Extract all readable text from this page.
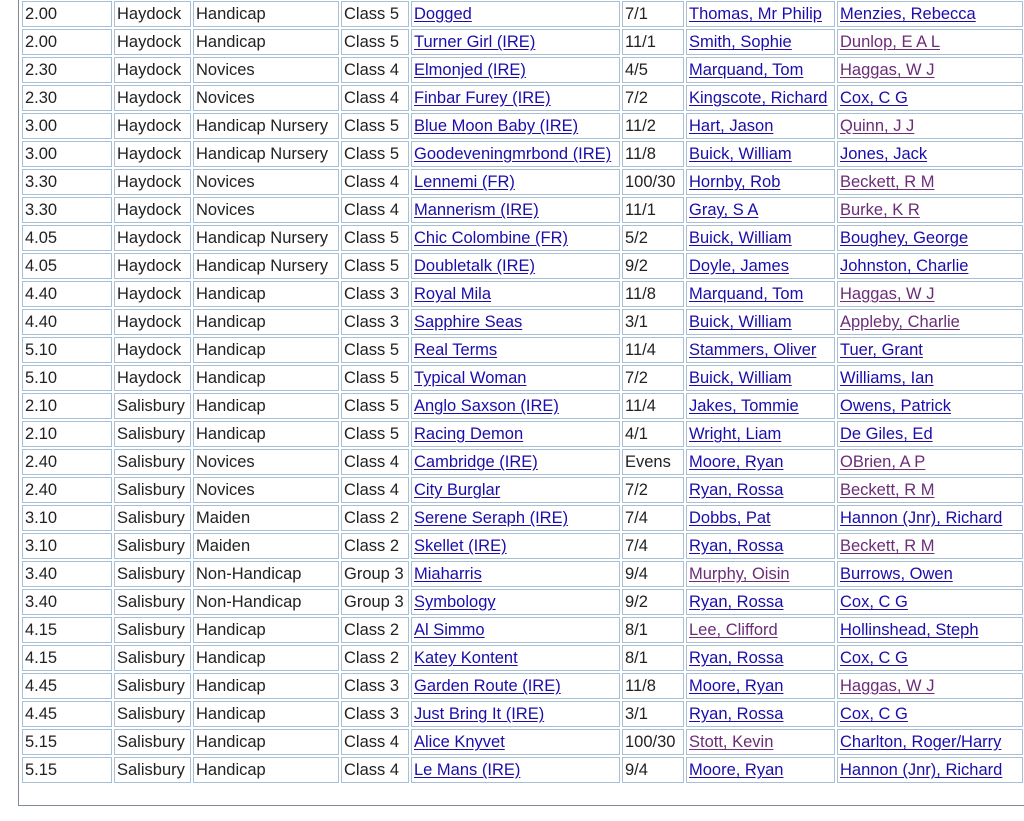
2.00	Haydock	Handicap	Class 5	Dogged	7/1	Thomas, Mr Philip	Menzies, Rebecca
2.00	Haydock	Handicap	Class 5	Turner Girl (IRE)	11/1	Smith, Sophie	Dunlop, E A L
2.30	Haydock	Novices	Class 4	Elmonjed (IRE)	4/5	Marquand, Tom	Haggas, W J
2.30	Haydock	Novices	Class 4	Finbar Furey (IRE)	7/2	Kingscote, Richard	Cox, C G
3.00	Haydock	Handicap Nursery	Class 5	Blue Moon Baby (IRE)	11/2	Hart, Jason	Quinn, J J
3.00	Haydock	Handicap Nursery	Class 5	Goodeveningmrbond (IRE)	11/8	Buick, William	Jones, Jack
3.30	Haydock	Novices	Class 4	Lennemi (FR)	100/30	Hornby, Rob	Beckett, R M
3.30	Haydock	Novices	Class 4	Mannerism (IRE)	11/1	Gray, S A	Burke, K R
4.05	Haydock	Handicap Nursery	Class 5	Chic Colombine (FR)	5/2	Buick, William	Boughey, George
4.05	Haydock	Handicap Nursery	Class 5	Doubletalk (IRE)	9/2	Doyle, James	Johnston, Charlie
4.40	Haydock	Handicap	Class 3	Royal Mila	11/8	Marquand, Tom	Haggas, W J
4.40	Haydock	Handicap	Class 3	Sapphire Seas	3/1	Buick, William	Appleby, Charlie
5.10	Haydock	Handicap	Class 5	Real Terms	11/4	Stammers, Oliver	Tuer, Grant
5.10	Haydock	Handicap	Class 5	Typical Woman	7/2	Buick, William	Williams, Ian
2.10	Salisbury	Handicap	Class 5	Anglo Saxson (IRE)	11/4	Jakes, Tommie	Owens, Patrick
2.10	Salisbury	Handicap	Class 5	Racing Demon	4/1	Wright, Liam	De Giles, Ed
2.40	Salisbury	Novices	Class 4	Cambridge (IRE)	Evens	Moore, Ryan	OBrien, A P
2.40	Salisbury	Novices	Class 4	City Burglar	7/2	Ryan, Rossa	Beckett, R M
3.10	Salisbury	Maiden	Class 2	Serene Seraph (IRE)	7/4	Dobbs, Pat	Hannon (Jnr), Richard
3.10	Salisbury	Maiden	Class 2	Skellet (IRE)	7/4	Ryan, Rossa	Beckett, R M
3.40	Salisbury	Non-Handicap	Group 3	Miaharris	9/4	Murphy, Oisin	Burrows, Owen
3.40	Salisbury	Non-Handicap	Group 3	Symbology	9/2	Ryan, Rossa	Cox, C G
4.15	Salisbury	Handicap	Class 2	Al Simmo	8/1	Lee, Clifford	Hollinshead, Steph
4.15	Salisbury	Handicap	Class 2	Katey Kontent	8/1	Ryan, Rossa	Cox, C G
4.45	Salisbury	Handicap	Class 3	Garden Route (IRE)	11/8	Moore, Ryan	Haggas, W J
4.45	Salisbury	Handicap	Class 3	Just Bring It (IRE)	3/1	Ryan, Rossa	Cox, C G
5.15	Salisbury	Handicap	Class 4	Alice Knyvet	100/30	Stott, Kevin	Charlton, Roger/Harry
5.15	Salisbury	Handicap	Class 4	Le Mans (IRE)	9/4	Moore, Ryan	Hannon (Jnr), Richard
